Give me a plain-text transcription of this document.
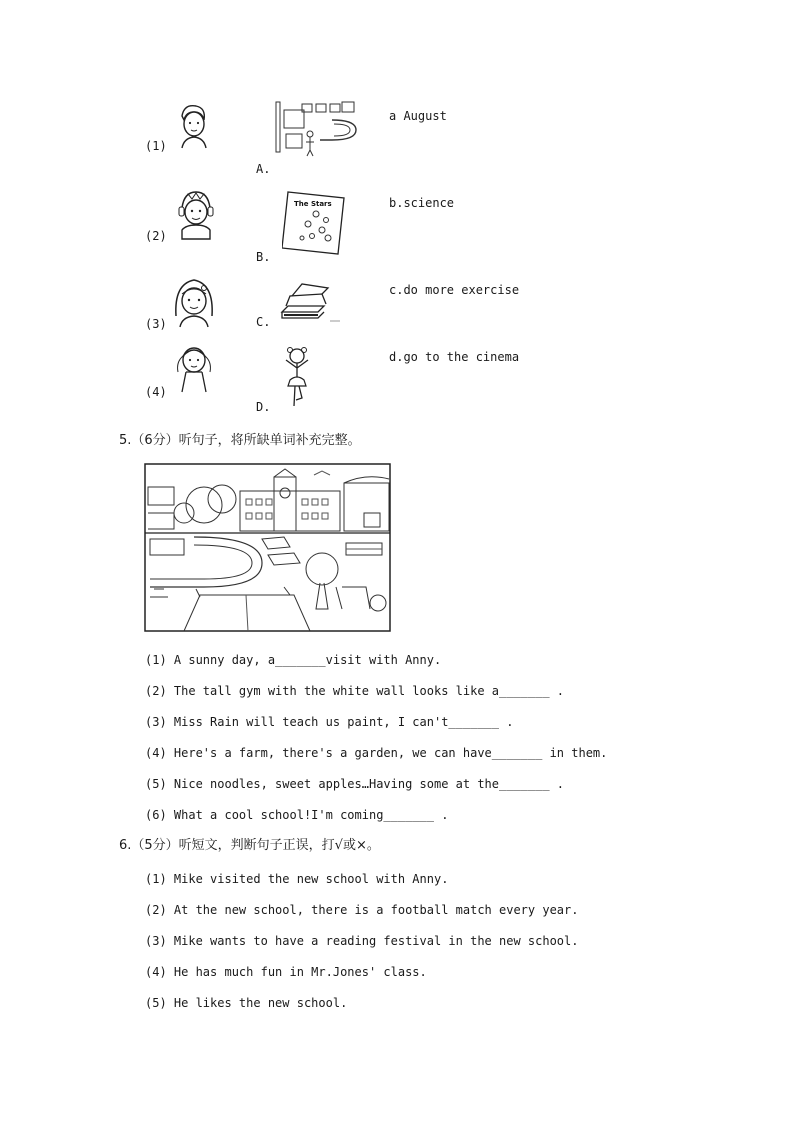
(1)
A.
a August
(2)
The Stars
B.
b.science
(3)	C.
c.do more exercise
(4)
D.
d.go to the cinema
5.（6分）听句子，将所缺单词补充完整。
(1) A sunny day, a_______visit with Anny.
(2) The tall gym with the white wall looks like a_______ .
(3) Miss Rain will teach us paint, I can't_______ .
(4) Here's a farm, there's a garden, we can have_______ in them.
(5) Nice noodles, sweet apples…Having some at the_______ .
(6) What a cool school!I'm coming_______ .
6.（5分）听短文，判断句子正误，打√或×。
(1) Mike visited the new school with Anny.
(2) At the new school, there is a football match every year.
(3) Mike wants to have a reading festival in the new school.
(4) He has much fun in Mr.Jones' class.
(5) He likes the new school.
